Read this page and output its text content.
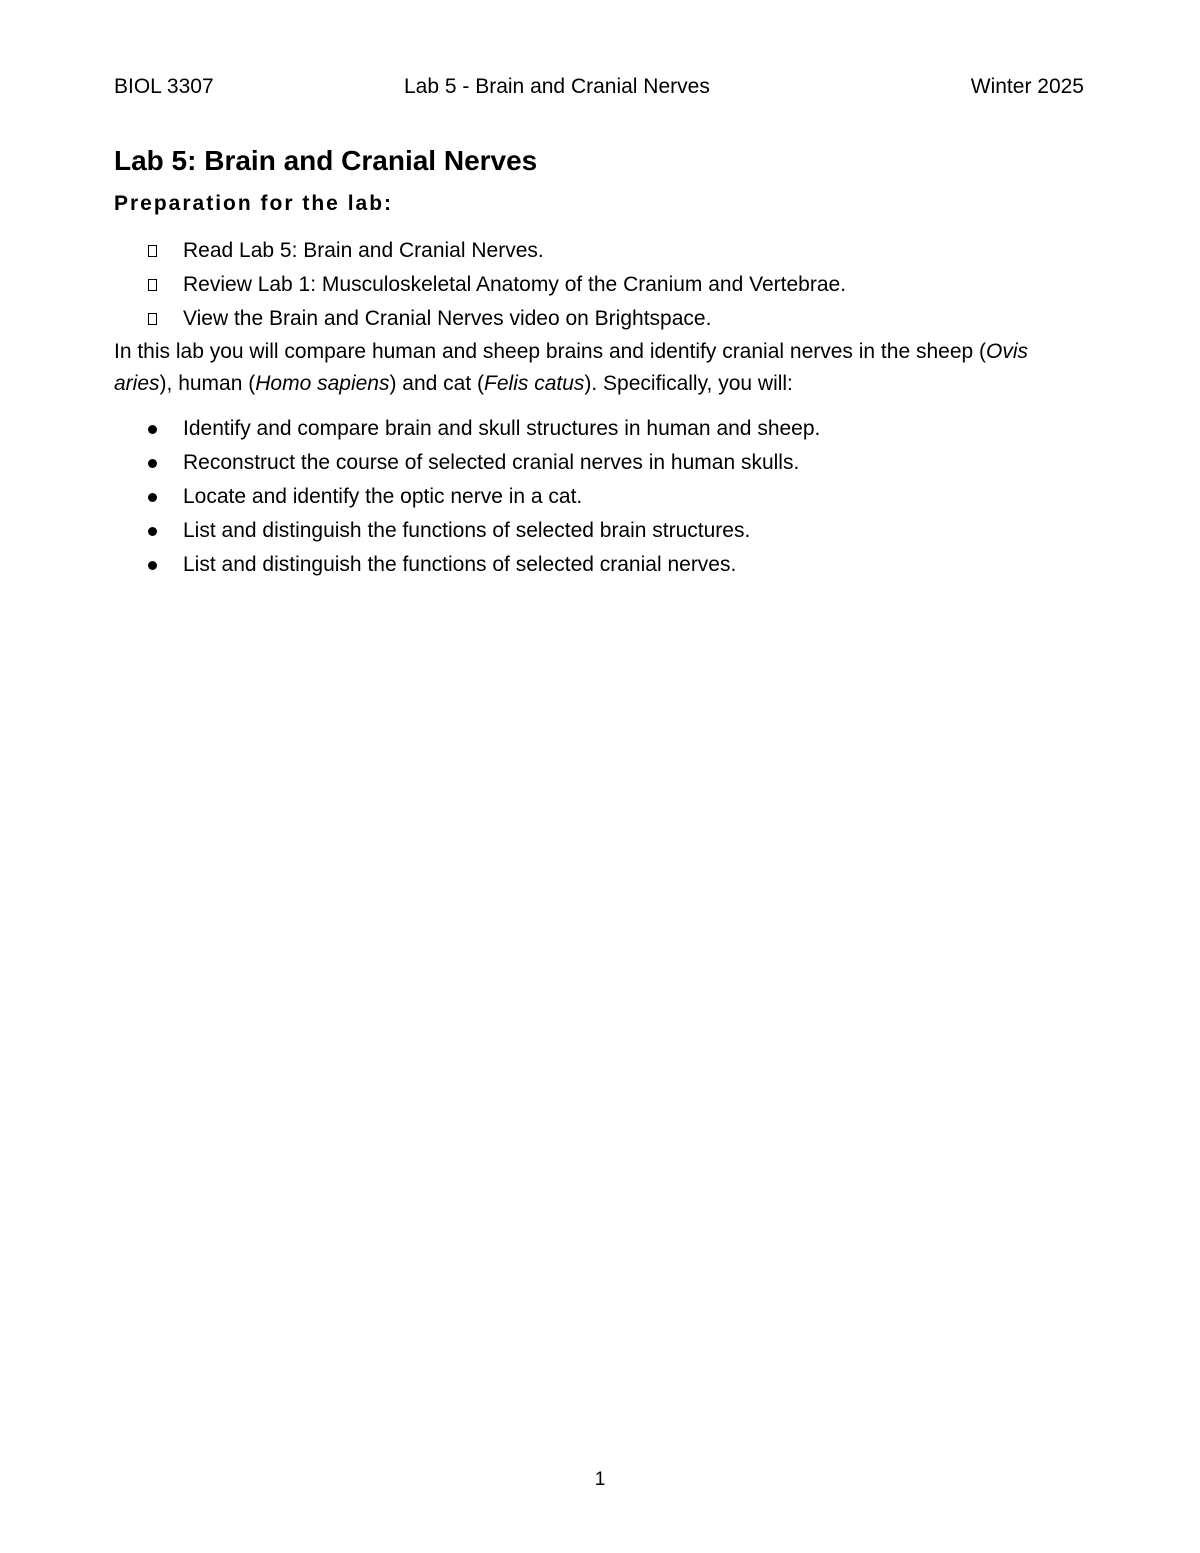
BIOL 3307	Lab 5 - Brain and Cranial Nerves	Winter 2025
Lab 5: Brain and Cranial Nerves
Preparation for the lab:
Read Lab 5: Brain and Cranial Nerves.
Review Lab 1: Musculoskeletal Anatomy of the Cranium and Vertebrae.
View the Brain and Cranial Nerves video on Brightspace.

In this lab you will compare human and sheep brains and identify cranial nerves in the sheep (Ovis aries), human (Homo sapiens) and cat (Felis catus). Specifically, you will:

Identify and compare brain and skull structures in human and sheep.
Reconstruct the course of selected cranial nerves in human skulls.
Locate and identify the optic nerve in a cat.
List and distinguish the functions of selected brain structures.
List and distinguish the functions of selected cranial nerves.
1
